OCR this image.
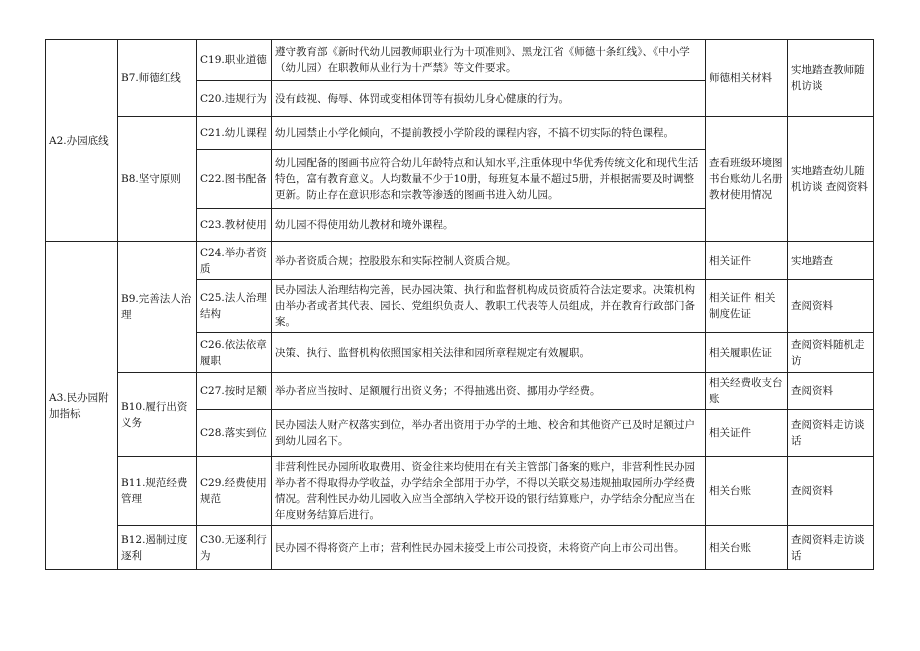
A2.办园底线	B7.师德红线	C19.职业道德	遵守教育部《新时代幼儿园教师职业行为十项准则》、黑龙江省《师德十条红线》、《中小学（幼儿园）在职教师从业行为十严禁》等文件要求。	师德相关材料	实地踏查教师随机访谈
		C20.违规行为	没有歧视、侮辱、体罚或变相体罚等有损幼儿身心健康的行为。		
	B8.坚守原则	C21.幼儿课程	幼儿园禁止小学化倾向，不提前教授小学阶段的课程内容，不搞不切实际的特色课程。	查看班级环境图书台账幼儿名册教材使用情况	实地踏查幼儿随机访谈 查阅资料
		C22.图书配备	幼儿园配备的图画书应符合幼儿年龄特点和认知水平,注重体现中华优秀传统文化和现代生活特色，富有教育意义。人均数量不少于10册，每班复本量不超过5册，并根据需要及时调整更新。防止存在意识形态和宗教等渗透的图画书进入幼儿园。		
		C23.教材使用	幼儿园不得使用幼儿教材和境外课程。		
A3.民办园附加指标	B9.完善法人治理	C24.举办者资质	举办者资质合规；控股股东和实际控制人资质合规。	相关证件	实地踏查
		C25.法人治理结构	民办园法人治理结构完善，民办园决策、执行和监督机构成员资质符合法定要求。决策机构由举办者或者其代表、园长、党组织负责人、教职工代表等人员组成，并在教育行政部门备案。	相关证件 相关制度佐证	查阅资料
		C26.依法依章履职	决策、执行、监督机构依照国家相关法律和园所章程规定有效履职。	相关履职佐证	查阅资料随机走访
	B10.履行出资义务	C27.按时足额	举办者应当按时、足额履行出资义务；不得抽逃出资、挪用办学经费。	相关经费收支台账	查阅资料
		C28.落实到位	民办园法人财产权落实到位，举办者出资用于办学的土地、校舍和其他资产已及时足额过户到幼儿园名下。	相关证件	查阅资料走访谈话
	B11.规范经费管理	C29.经费使用规范	非营利性民办园所收取费用、资金往来均使用在有关主管部门备案的账户，非营利性民办园举办者不得取得办学收益，办学结余全部用于办学，不得以关联交易违规抽取园所办学经费情况。营利性民办幼儿园收入应当全部纳入学校开设的银行结算账户，办学结余分配应当在年度财务结算后进行。	相关台账	查阅资料
	B12.遏制过度逐利	C30.无逐利行为	民办园不得将资产上市；营利性民办园未接受上市公司投资，未将资产向上市公司出售。	相关台账	查阅资料走访谈话
